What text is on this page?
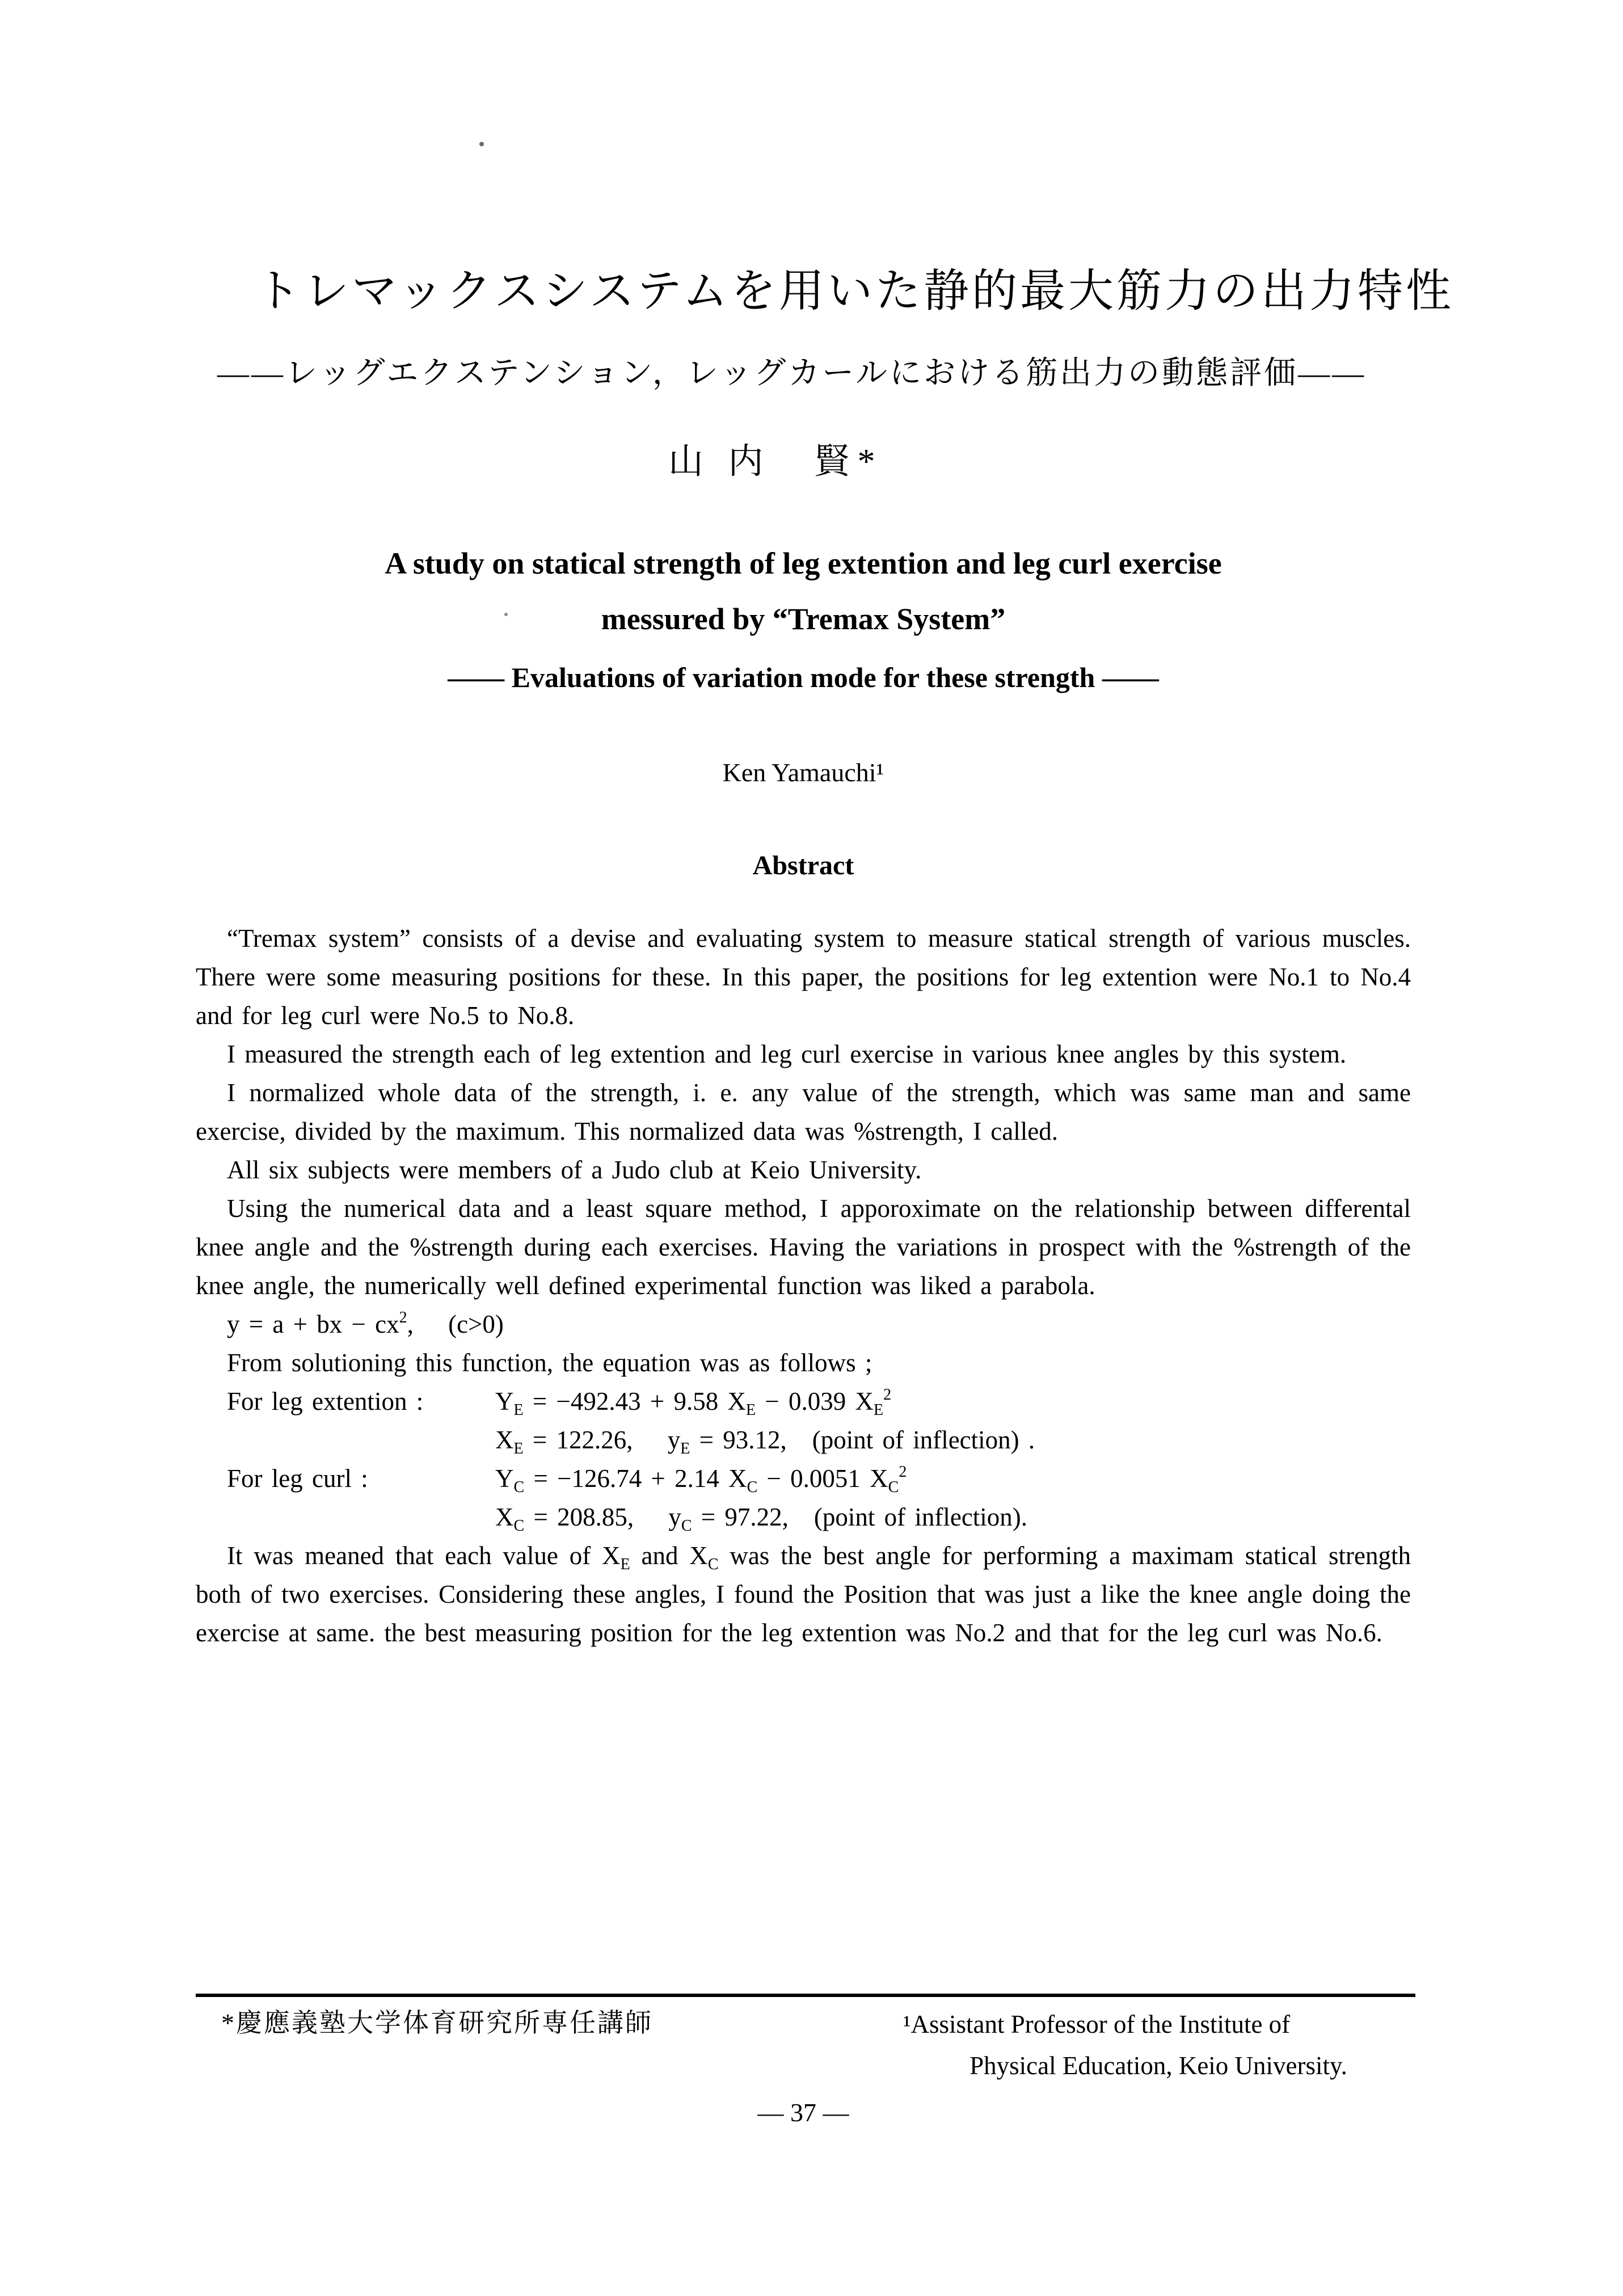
トレマックスシステムを用いた静的最大筋力の出力特性
――レッグエクステンション，レッグカールにおける筋出力の動態評価――
山 内　賢*
A study on statical strength of leg extention and leg curl exercise
messured by “Tremax System”
―― Evaluations of variation mode for these strength ――
Ken Yamauchi¹
Abstract

“Tremax system” consists of a devise and evaluating system to measure statical strength of various muscles. There were some measuring positions for these. In this paper, the positions for leg extention were No.1 to No.4 and for leg curl were No.5 to No.8.

I measured the strength each of leg extention and leg curl exercise in various knee angles by this system.

I normalized whole data of the strength, i. e. any value of the strength, which was same man and same exercise, divided by the maximum. This normalized data was %strength, I called.

All six subjects were members of a Judo club at Keio University.

Using the numerical data and a least square method, I apporoximate on the relationship between differental knee angle and the %strength during each exercises. Having the variations in prospect with the %strength of the knee angle, the numerically well defined experimental function was liked a parabola.

y = a + bx − $cx^2$,　 (c>0)
From solutioning this function, the equation was as follows ;
For leg extention :	$Y_E = -492.43 + 9.58$ $X_E - 0.039$ $X_E^2$
$X_E = 122.26$,　 $y_E = 93.12$,　(point of inflection) .
For leg curl :	$Y_C = -126.74 + 2.14$ $X_C - 0.0051$ $X_C^2$
$X_C = 208.85$,　 $y_C = 97.22$,　(point of inflection).

It was meaned that each value of $X_E$ and $X_C$ was the best angle for performing a maximam statical strength both of two exercises. Considering these angles, I found the Position that was just a like the knee angle doing the exercise at same. the best measuring position for the leg extention was No.2 and that for the leg curl was No.6.

*慶應義塾大学体育研究所専任講師	¹Assistant Professor of the Institute of
Physical Education, Keio University.
― 37 ―
